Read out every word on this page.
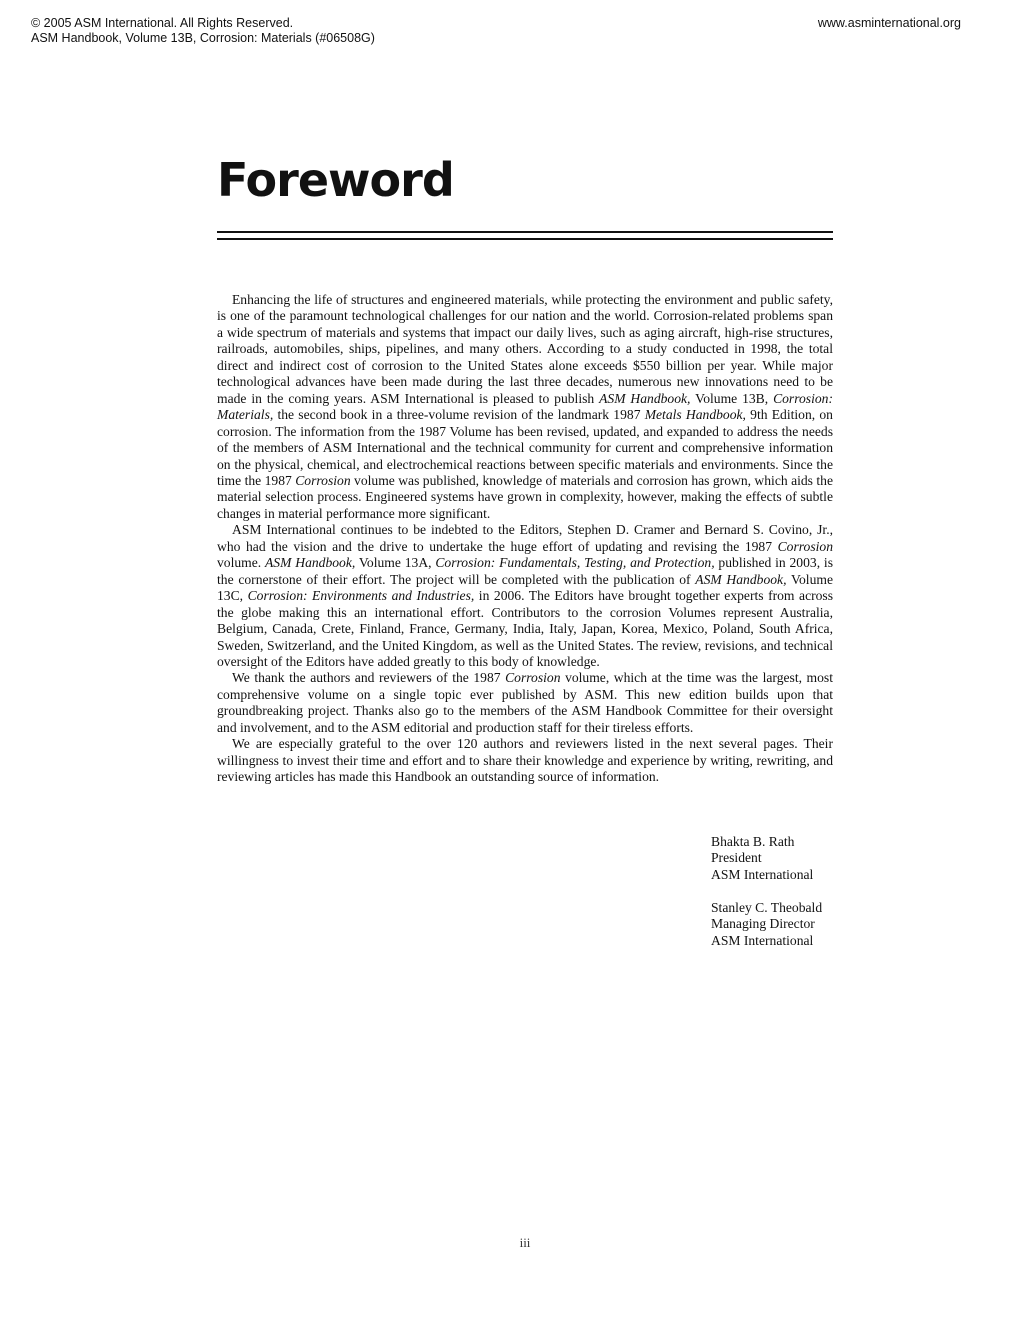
© 2005 ASM International. All Rights Reserved.
ASM Handbook, Volume 13B, Corrosion: Materials (#06508G)
www.asminternational.org
Foreword

Enhancing the life of structures and engineered materials, while protecting the environment and public safety, is one of the paramount technological challenges for our nation and the world. Corrosion-related problems span a wide spectrum of materials and systems that impact our daily lives, such as aging aircraft, high-rise structures, railroads, automobiles, ships, pipelines, and many others. According to a study conducted in 1998, the total direct and indirect cost of corrosion to the United States alone exceeds $550 billion per year. While major technological advances have been made during the last three decades, numerous new innovations need to be made in the coming years. ASM International is pleased to publish ASM Handbook, Volume 13B, Corrosion: Materials, the second book in a three-volume revision of the landmark 1987 Metals Handbook, 9th Edition, on corrosion. The information from the 1987 Volume has been revised, updated, and expanded to address the needs of the members of ASM International and the technical community for current and comprehensive information on the physical, chemical, and electrochemical reactions between specific materials and environments. Since the time the 1987 Corrosion volume was published, knowledge of materials and corrosion has grown, which aids the material selection process. Engineered systems have grown in complexity, however, making the effects of subtle changes in material performance more significant.

ASM International continues to be indebted to the Editors, Stephen D. Cramer and Bernard S. Covino, Jr., who had the vision and the drive to undertake the huge effort of updating and revising the 1987 Corrosion volume. ASM Handbook, Volume 13A, Corrosion: Fundamentals, Testing, and Protection, published in 2003, is the cornerstone of their effort. The project will be completed with the publication of ASM Handbook, Volume 13C, Corrosion: Environments and Industries, in 2006. The Editors have brought together experts from across the globe making this an international effort. Contributors to the corrosion Volumes represent Australia, Belgium, Canada, Crete, Finland, France, Germany, India, Italy, Japan, Korea, Mexico, Poland, South Africa, Sweden, Switzerland, and the United Kingdom, as well as the United States. The review, revisions, and technical oversight of the Editors have added greatly to this body of knowledge.

We thank the authors and reviewers of the 1987 Corrosion volume, which at the time was the largest, most comprehensive volume on a single topic ever published by ASM. This new edition builds upon that groundbreaking project. Thanks also go to the members of the ASM Handbook Committee for their oversight and involvement, and to the ASM editorial and production staff for their tireless efforts.

We are especially grateful to the over 120 authors and reviewers listed in the next several pages. Their willingness to invest their time and effort and to share their knowledge and experience by writing, rewriting, and reviewing articles has made this Handbook an outstanding source of information.

Bhakta B. Rath
President
ASM International
Stanley C. Theobald
Managing Director
ASM International
iii
